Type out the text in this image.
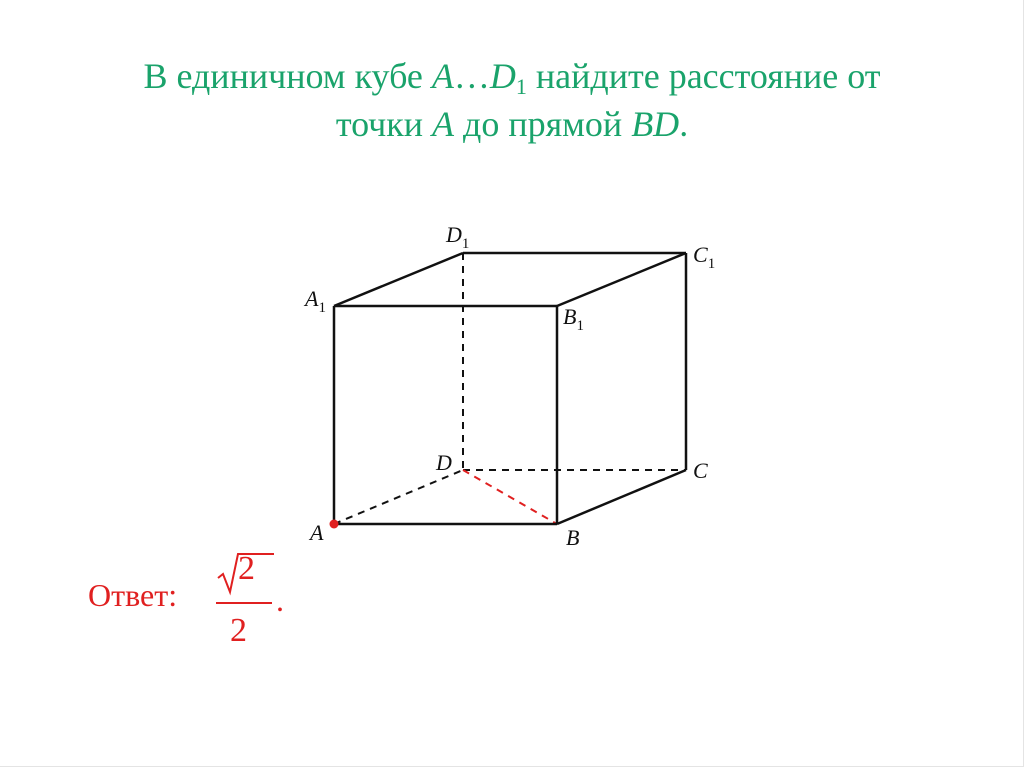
В единичном кубе $A\dots D_1$ найдите расстояние от
точки A до прямой BD.
$D_1$	$C_1$
$A_1$	$B_1$
D	C
A	B
Ответ:
2
2
.
